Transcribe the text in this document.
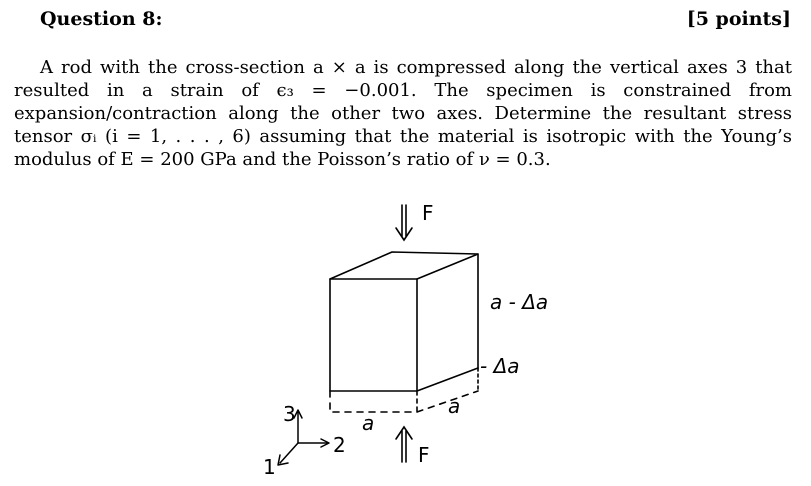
Question 8:	[5 points]

A rod with the cross-section a × a is compressed along the vertical axes 3 that resulted in a strain of ϵ₃ = −0.001. The specimen is constrained from expansion/contraction along the other two axes. Determine the resultant stress tensor σᵢ (i = 1, . . . , 6) assuming that the material is isotropic with the Young’s modulus of E = 200 GPa and the Poisson’s ratio of ν = 0.3.

F
F
a - Δa
- Δa
a
a
3
2
1
